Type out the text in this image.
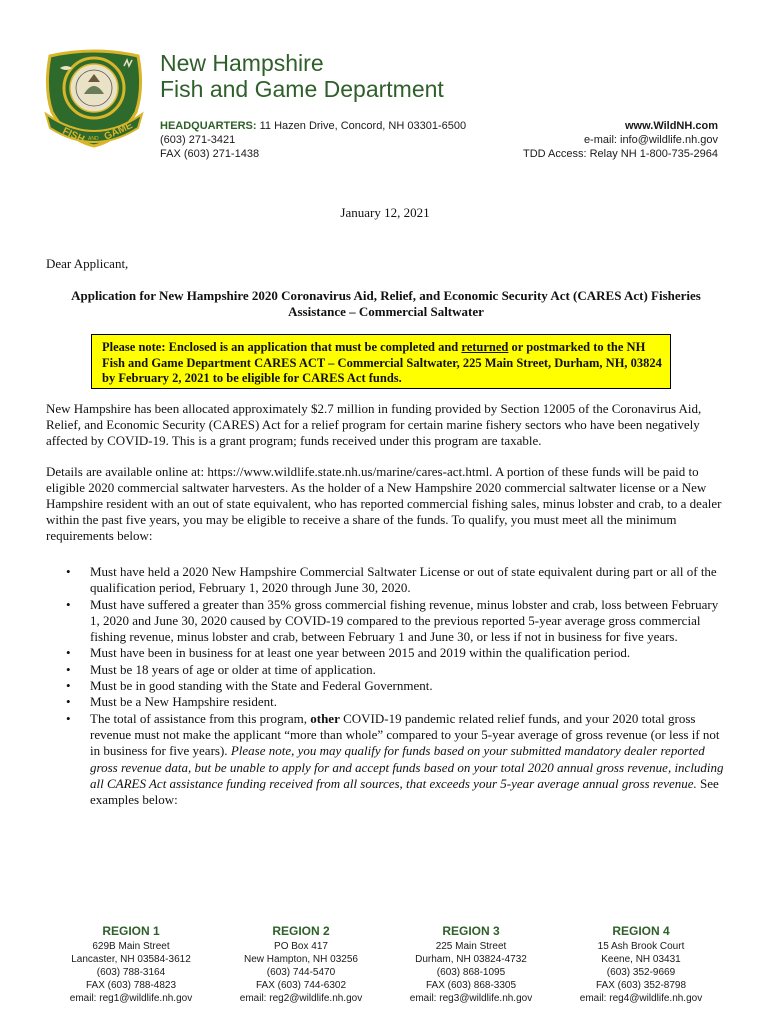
FISH AND GAME
New Hampshire
Fish and Game Department
HEADQUARTERS: 11 Hazen Drive, Concord, NH 03301-6500
(603) 271-3421
FAX (603) 271-1438
www.WildNH.com
e-mail: info@wildlife.nh.gov
TDD Access: Relay NH 1-800-735-2964
January 12, 2021
Dear Applicant,
Application for New Hampshire 2020 Coronavirus Aid, Relief, and Economic Security Act (CARES Act) Fisheries
Assistance – Commercial Saltwater
Please note: Enclosed is an application that must be completed and returned or postmarked to the NH Fish and Game Department CARES ACT – Commercial Saltwater, 225 Main Street, Durham, NH, 03824 by February 2, 2021 to be eligible for CARES Act funds.
New Hampshire has been allocated approximately $2.7 million in funding provided by Section 12005 of the Coronavirus Aid, Relief, and Economic Security (CARES) Act for a relief program for certain marine fishery sectors who have been negatively affected by COVID-19. This is a grant program; funds received under this program are taxable.
Details are available online at: https://www.wildlife.state.nh.us/marine/cares-act.html. A portion of these funds will be paid to eligible 2020 commercial saltwater harvesters. As the holder of a New Hampshire 2020 commercial saltwater license or a New Hampshire resident with an out of state equivalent, who has reported commercial fishing sales, minus lobster and crab, to a dealer within the past five years, you may be eligible to receive a share of the funds. To qualify, you must meet all the minimum requirements below:
• Must have held a 2020 New Hampshire Commercial Saltwater License or out of state equivalent during part or all of the qualification period, February 1, 2020 through June 30, 2020.
• Must have suffered a greater than 35% gross commercial fishing revenue, minus lobster and crab, loss between February 1, 2020 and June 30, 2020 caused by COVID-19 compared to the previous reported 5-year average gross commercial fishing revenue, minus lobster and crab, between February 1 and June 30, or less if not in business for five years.
• Must have been in business for at least one year between 2015 and 2019 within the qualification period.
• Must be 18 years of age or older at time of application.
• Must be in good standing with the State and Federal Government.
• Must be a New Hampshire resident.
• The total of assistance from this program, other COVID-19 pandemic related relief funds, and your 2020 total gross revenue must not make the applicant “more than whole” compared to your 5-year average of gross revenue (or less if not in business for five years). Please note, you may qualify for funds based on your submitted mandatory dealer reported gross revenue data, but be unable to apply for and accept funds based on your total 2020 annual gross revenue, including all CARES Act assistance funding received from all sources, that exceeds your 5-year average annual gross revenue. See examples below:
REGION 1
629B Main Street
Lancaster, NH 03584-3612
(603) 788-3164
FAX (603) 788-4823
email: reg1@wildlife.nh.gov
REGION 2
PO Box 417
New Hampton, NH 03256
(603) 744-5470
FAX (603) 744-6302
email: reg2@wildlife.nh.gov
REGION 3
225 Main Street
Durham, NH 03824-4732
(603) 868-1095
FAX (603) 868-3305
email: reg3@wildlife.nh.gov
REGION 4
15 Ash Brook Court
Keene, NH 03431
(603) 352-9669
FAX (603) 352-8798
email: reg4@wildlife.nh.gov
